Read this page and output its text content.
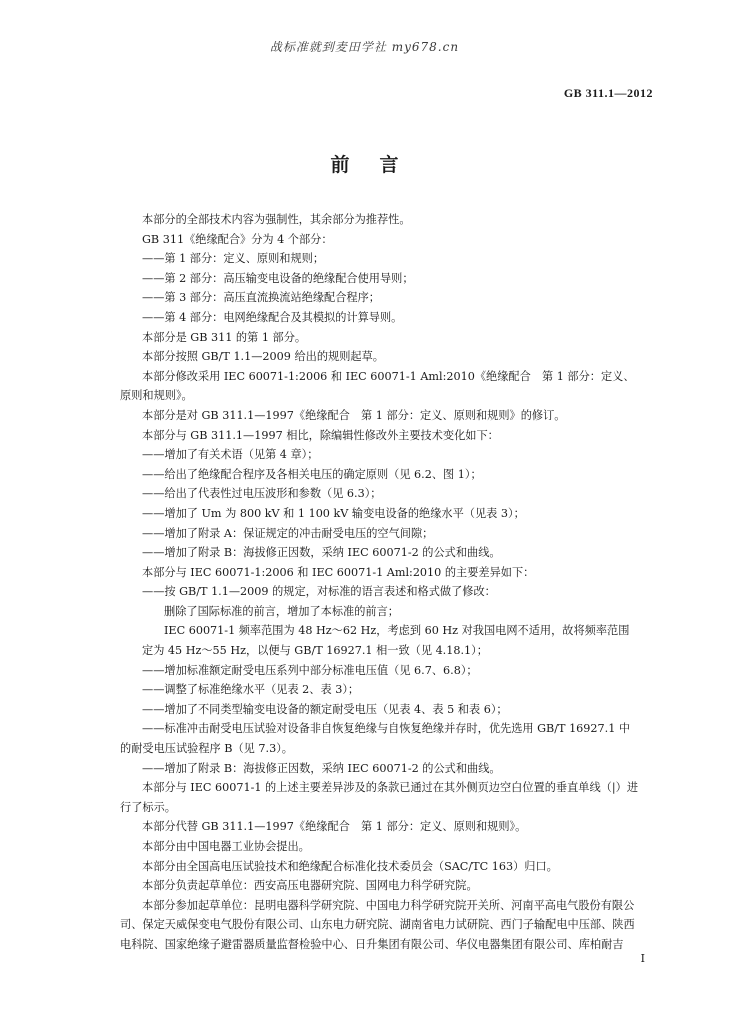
战标准就到麦田学社 my678.cn
GB 311.1—2012
前言

本部分的全部技术内容为强制性，其余部分为推荐性。

GB 311《绝缘配合》分为 4 个部分：

——第 1 部分：定义、原则和规则；

——第 2 部分：高压输变电设备的绝缘配合使用导则；

——第 3 部分：高压直流换流站绝缘配合程序；

——第 4 部分：电网绝缘配合及其模拟的计算导则。

本部分是 GB 311 的第 1 部分。

本部分按照 GB/T 1.1—2009 给出的规则起草。

本部分修改采用 IEC 60071-1:2006 和 IEC 60071-1 Aml:2010《绝缘配合　第 1 部分：定义、原则和规则》。

本部分是对 GB 311.1—1997《绝缘配合　第 1 部分：定义、原则和规则》的修订。

本部分与 GB 311.1—1997 相比，除编辑性修改外主要技术变化如下：

——增加了有关术语（见第 4 章）；

——给出了绝缘配合程序及各相关电压的确定原则（见 6.2、图 1）；

——给出了代表性过电压波形和参数（见 6.3）；

——增加了 Um 为 800 kV 和 1 100 kV 输变电设备的绝缘水平（见表 3）；

——增加了附录 A：保证规定的冲击耐受电压的空气间隙；

——增加了附录 B：海拔修正因数，采纳 IEC 60071-2 的公式和曲线。

本部分与 IEC 60071-1:2006 和 IEC 60071-1 Aml:2010 的主要差异如下：

——按 GB/T 1.1—2009 的规定，对标准的语言表述和格式做了修改：

删除了国际标准的前言，增加了本标准的前言；

IEC 60071-1 频率范围为 48 Hz～62 Hz，考虑到 60 Hz 对我国电网不适用，故将频率范围定为 45 Hz～55 Hz，以便与 GB/T 16927.1 相一致（见 4.18.1）；

——增加标准额定耐受电压系列中部分标准电压值（见 6.7、6.8）；

——调整了标准绝缘水平（见表 2、表 3）；

——增加了不同类型输变电设备的额定耐受电压（见表 4、表 5 和表 6）；

——标准冲击耐受电压试验对设备非自恢复绝缘与自恢复绝缘并存时，优先选用 GB/T 16927.1 中的耐受电压试验程序 B（见 7.3）。

——增加了附录 B：海拔修正因数，采纳 IEC 60071-2 的公式和曲线。

本部分与 IEC 60071-1 的上述主要差异涉及的条款已通过在其外侧页边空白位置的垂直单线（|）进行了标示。

本部分代替 GB 311.1—1997《绝缘配合　第 1 部分：定义、原则和规则》。

本部分由中国电器工业协会提出。

本部分由全国高电压试验技术和绝缘配合标准化技术委员会（SAC/TC 163）归口。

本部分负责起草单位：西安高压电器研究院、国网电力科学研究院。

本部分参加起草单位：昆明电器科学研究院、中国电力科学研究院开关所、河南平高电气股份有限公司、保定天威保变电气股份有限公司、山东电力研究院、湖南省电力试研院、西门子输配电中压部、陕西电科院、国家绝缘子避雷器质量监督检验中心、日升集团有限公司、华仪电器集团有限公司、库柏耐吉

I
